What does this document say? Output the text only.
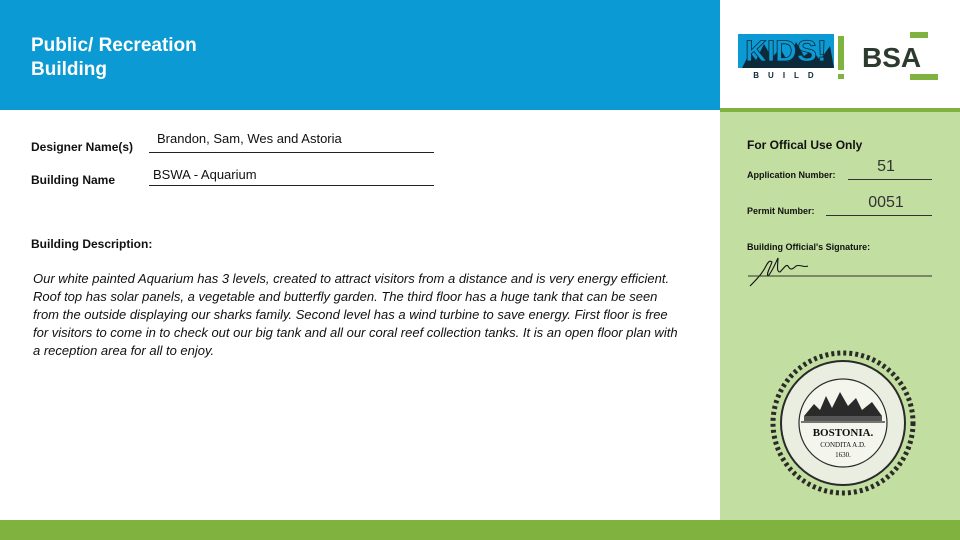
Public/ Recreation
Building
KIDS!
BUILD
BSA
Designer Name(s)
Brandon, Sam, Wes and Astoria
Building Name	BSWA - Aquarium
Building Description:
Our white painted Aquarium has 3 levels, created to attract visitors from a distance and is very energy efficient. Roof top has solar panels, a vegetable and butterfly garden. The third floor has a huge tank that can be seen from the outside displaying our sharks family. Second level has a wind turbine to save energy. First floor is free for visitors to come in to check out our big tank and all our coral reef collection tanks. It is an open floor plan with a reception area for all to enjoy.
For Offical Use Only
Application Number:	51
Permit Number:	0051
Building Official's Signature:
BOSTONIA.
CONDITA A.D.
1630.
